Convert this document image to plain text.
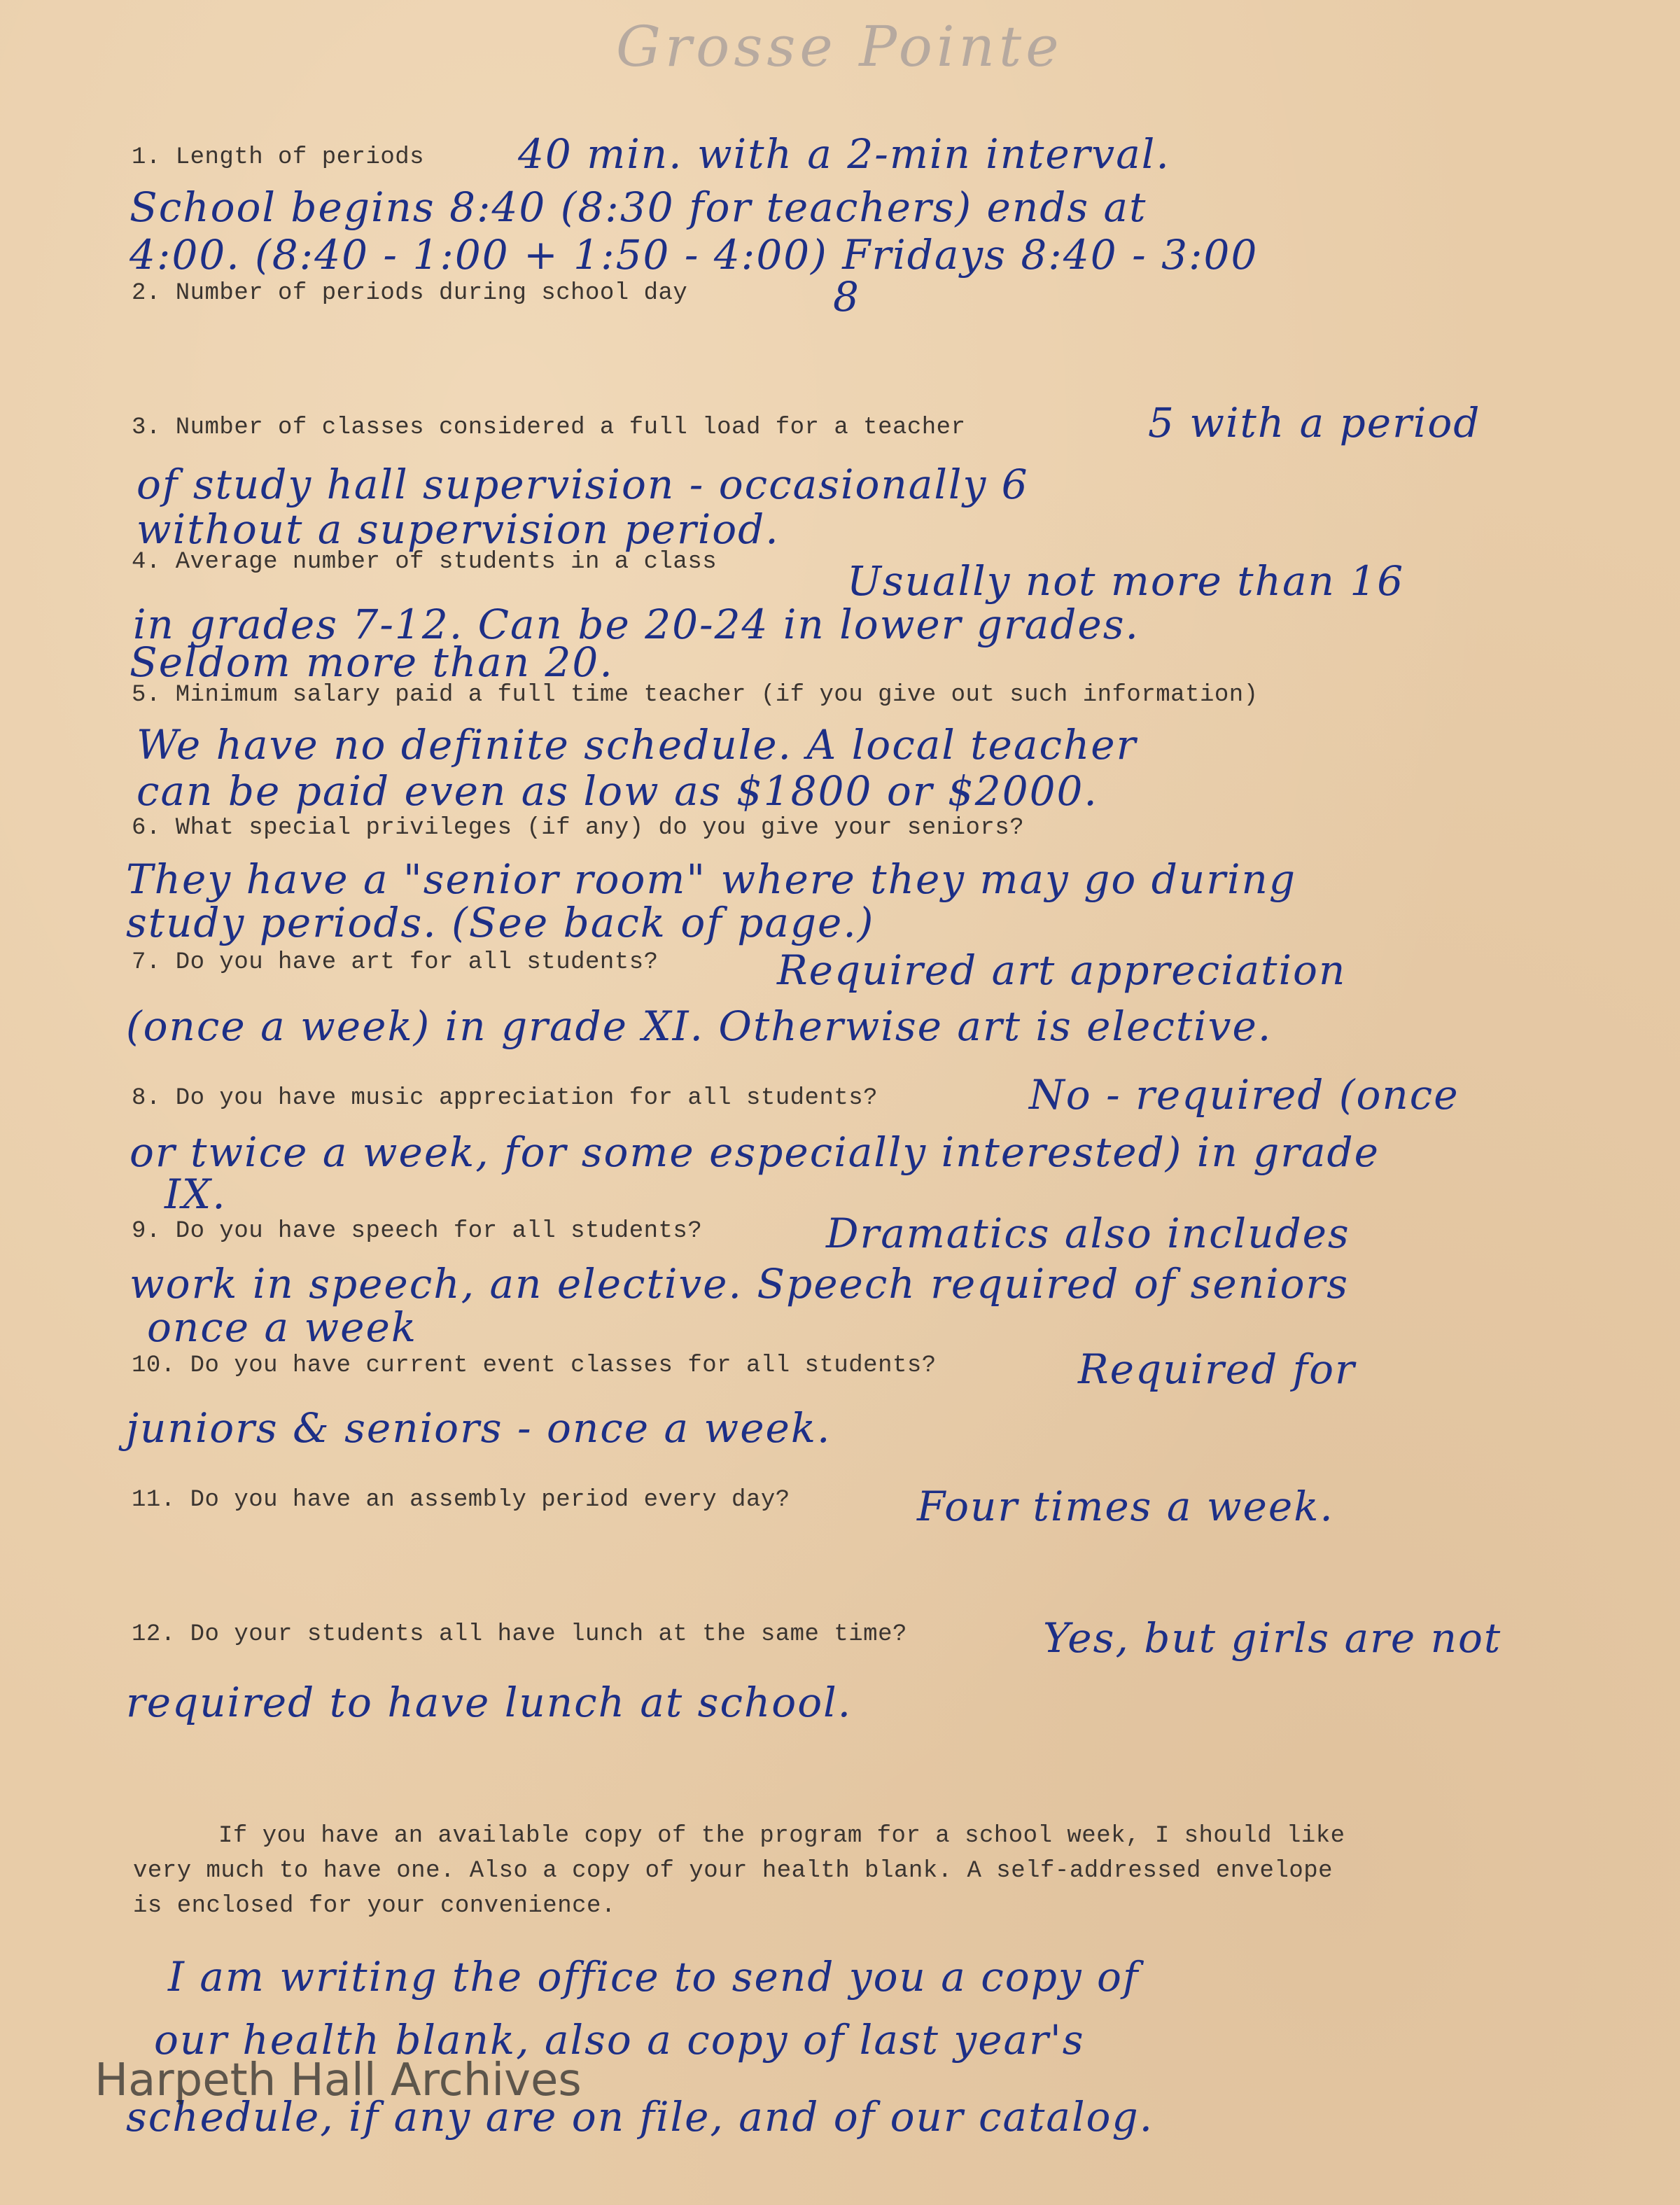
Grosse Pointe
1. Length of periods 40 min. with a 2-min interval.
School begins 8:40 (8:30 for teachers) ends at
4:00. (8:40 - 1:00 + 1:50 - 4:00) Fridays 8:40 - 3:00
2. Number of periods during school day	8
3. Number of classes considered a full load for a teacher	5 with a period
of study hall supervision - occasionally 6
without a supervision period.
4. Average number of students in a class	Usually not more than 16
in grades 7-12. Can be 20-24 in lower grades.
Seldom more than 20.
5. Minimum salary paid a full time teacher (if you give out such information)
We have no definite schedule. A local teacher
can be paid even as low as $1800 or $2000.
6. What special privileges (if any) do you give your seniors?
They have a "senior room" where they may go during
study periods. (See back of page.)
7. Do you have art for all students?	Required art appreciation
(once a week) in grade XI. Otherwise art is elective.
8. Do you have music appreciation for all students?	No - required (once
or twice a week, for some especially interested) in grade
IX.
9. Do you have speech for all students?	Dramatics also includes
work in speech, an elective. Speech required of seniors
once a week
10. Do you have current event classes for all students?	Required for
juniors & seniors - once a week.
11. Do you have an assembly period every day?	Four times a week.
12. Do your students all have lunch at the same time?	Yes, but girls are not
required to have lunch at school.
If you have an available copy of the program for a school week, I should like
very much to have one. Also a copy of your health blank. A self-addressed envelope
is enclosed for your convenience.
I am writing the office to send you a copy of
our health blank, also a copy of last year's
schedule, if any are on file, and of our catalog.
Harpeth Hall Archives
